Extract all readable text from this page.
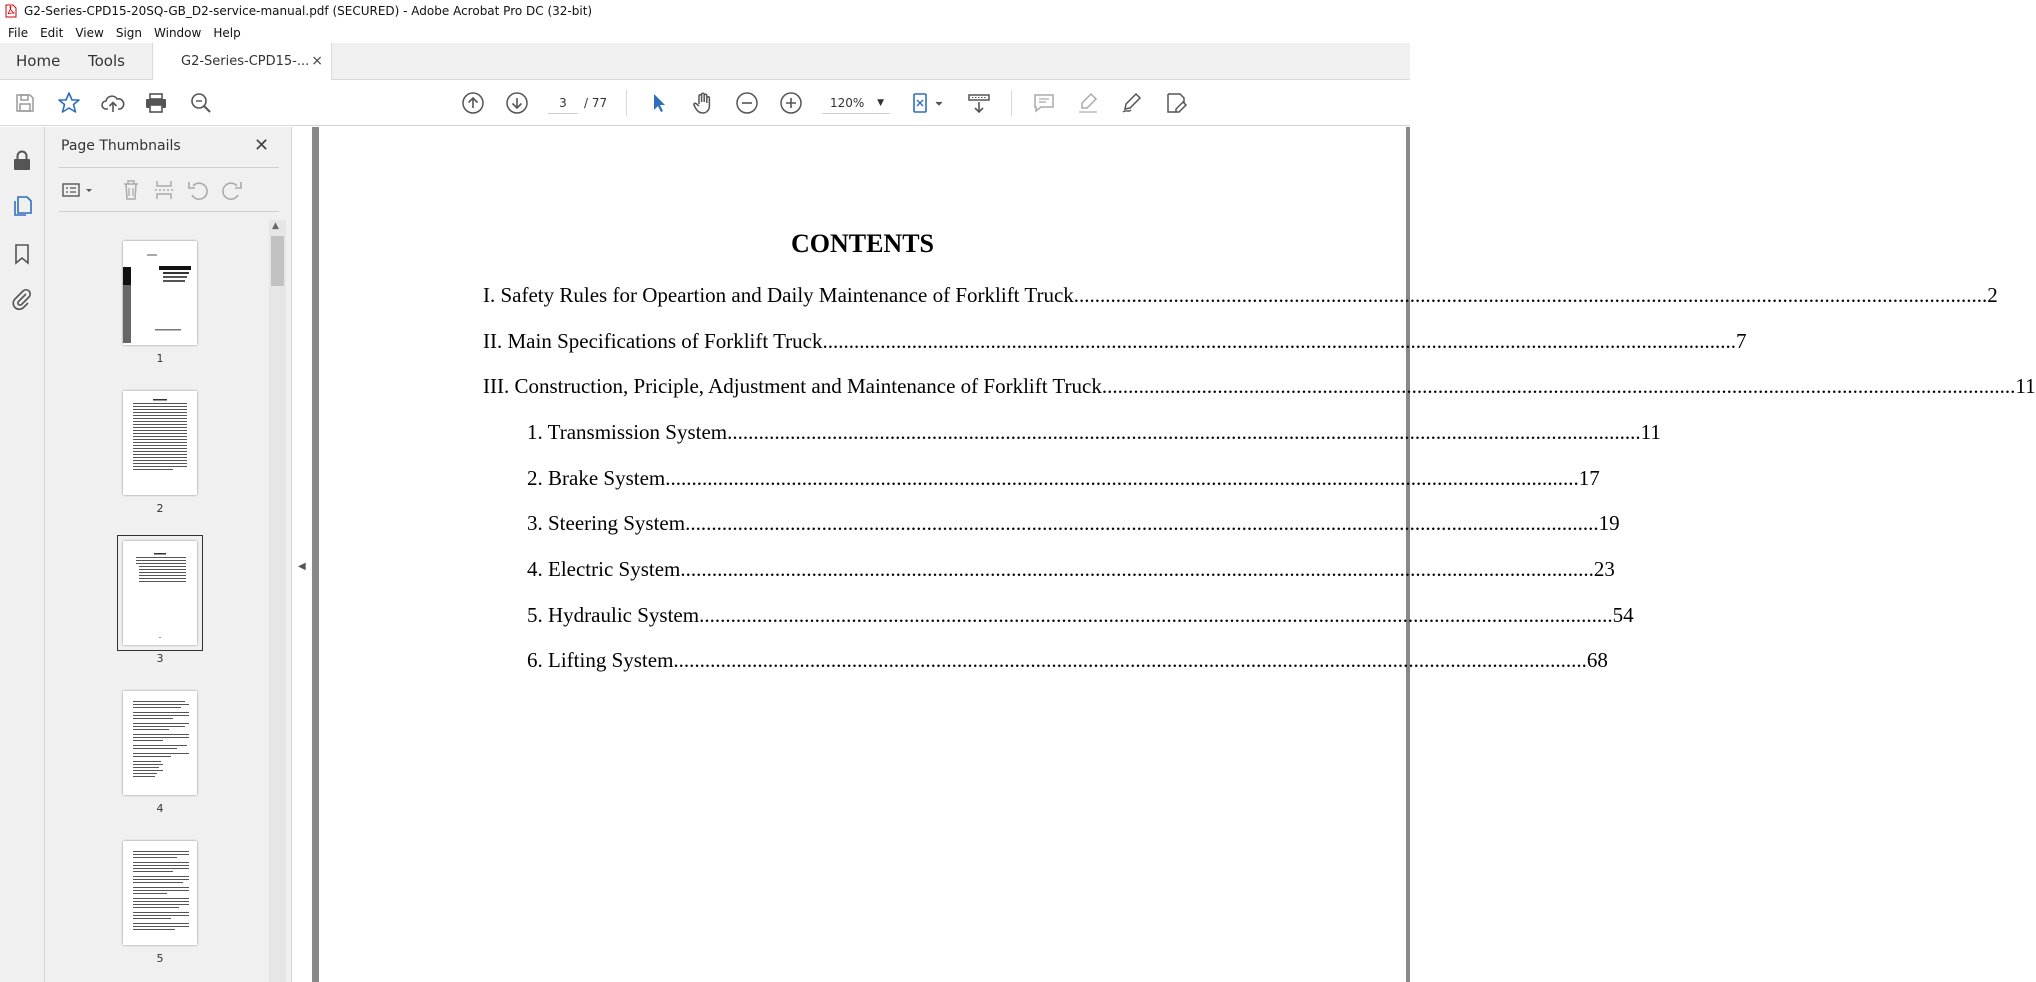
G2-Series-CPD15-20SQ-GB_D2-service-manual.pdf (SECURED) - Adobe Acrobat Pro DC (32-bit)
File	Edit	View	Sign	Window	Help
Home Tools	G2-Series-CPD15-... ×
3	/ 77	120% ▼
Page Thumbnails	✕
1
2
3
4
5
▲
◀
CONTENTS
I. Safety Rules for Opeartion and Daily Maintenance of Forklift Truck .............................................................................................................................................................................. 2
II. Main Specifications of Forklift Truck .............................................................................................................................................................................. 7
III. Construction, Priciple, Adjustment and Maintenance of Forklift Truck .............................................................................................................................................................................. 11
1. Transmission System .............................................................................................................................................................................. 11
2. Brake System .............................................................................................................................................................................. 17
3. Steering System .............................................................................................................................................................................. 19
4. Electric System .............................................................................................................................................................................. 23
5. Hydraulic System .............................................................................................................................................................................. 54
6. Lifting System .............................................................................................................................................................................. 68
